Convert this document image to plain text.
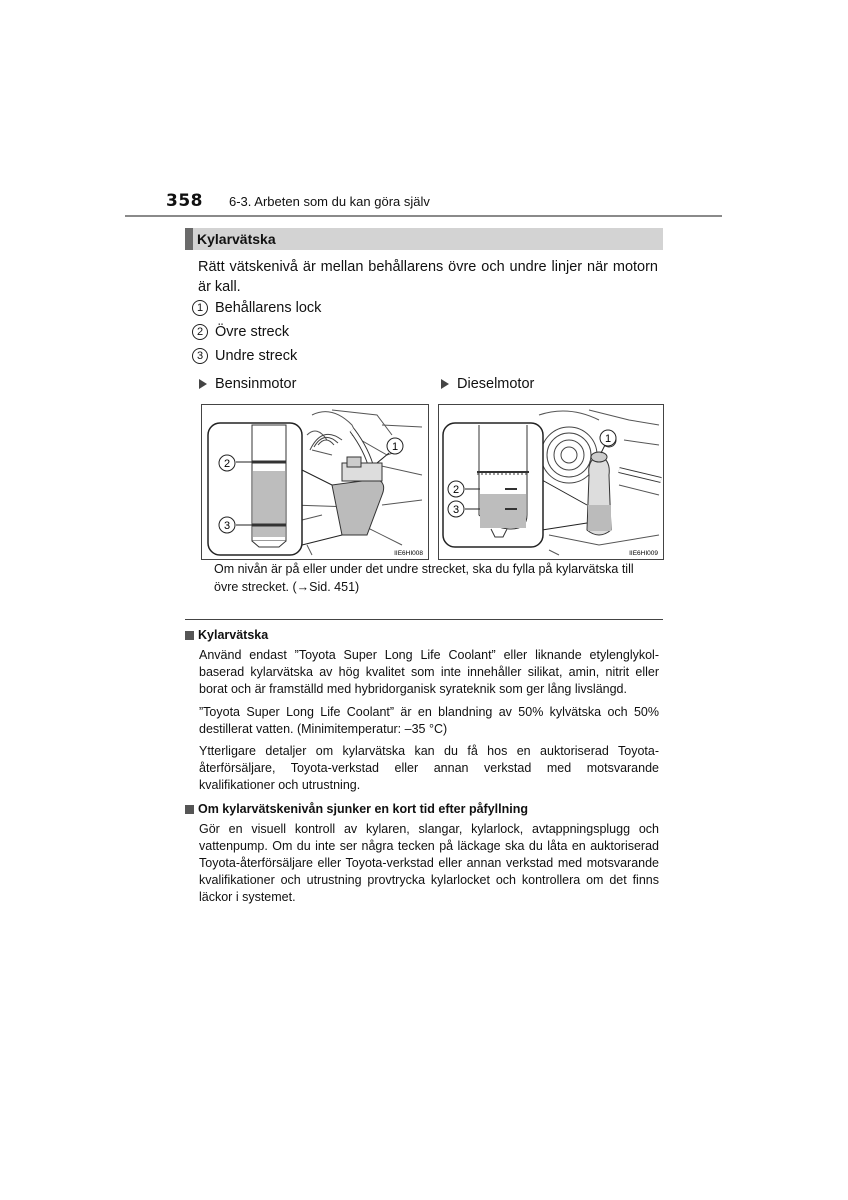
358 6-3. Arbeten som du kan göra själv
Kylarvätska
Rätt vätskenivå är mellan behållarens övre och undre linjer när motorn är kall.
1 Behållarens lock
2 Övre streck
3 Undre streck
Bensinmotor	Dieselmotor
1
2
3
IIE6HI008
1
2
3
IIE6HI009
Om nivån är på eller under det undre strecket, ska du fylla på kylarvätska till övre strecket. (→Sid. 451)
Kylarvätska
Använd endast ”Toyota Super Long Life Coolant” eller liknande etylenglykol-baserad kylarvätska av hög kvalitet som inte innehåller silikat, amin, nitrit eller borat och är framställd med hybridorganisk syrateknik som ger lång livslängd.
”Toyota Super Long Life Coolant” är en blandning av 50% kylvätska och 50% destillerat vatten. (Minimitemperatur: –35 °C)
Ytterligare detaljer om kylarvätska kan du få hos en auktoriserad Toyota-återförsäljare, Toyota-verkstad eller annan verkstad med motsvarande kvalifikationer och utrustning.
Om kylarvätskenivån sjunker en kort tid efter påfyllning
Gör en visuell kontroll av kylaren, slangar, kylarlock, avtappningsplugg och vattenpump. Om du inte ser några tecken på läckage ska du låta en auktoriserad Toyota-återförsäljare eller Toyota-verkstad eller annan verkstad med motsvarande kvalifikationer och utrustning provtrycka kylarlocket och kontrollera om det finns läckor i systemet.
